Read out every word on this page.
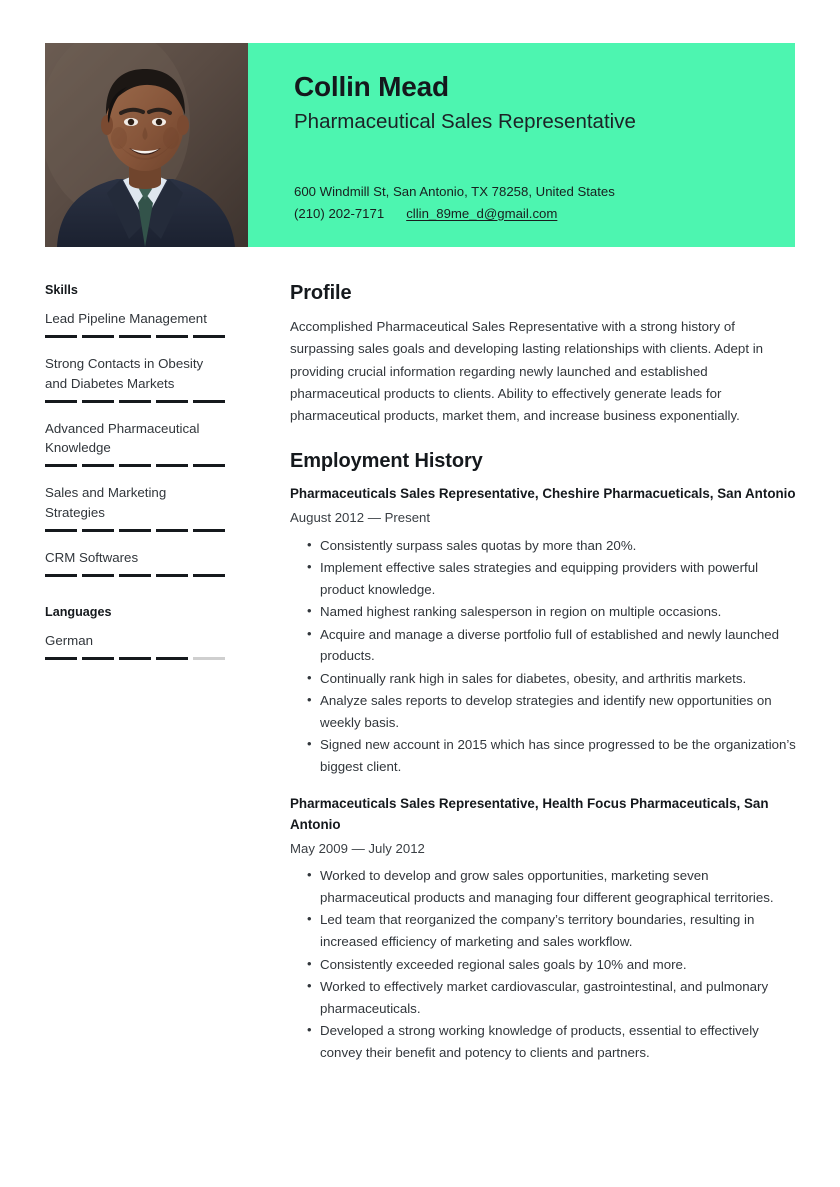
Collin Mead
Pharmaceutical Sales Representative
600 Windmill St, San Antonio, TX 78258, United States
(210) 202-7171 cllin_89me_d@gmail.com
Skills
Lead Pipeline Management
Strong Contacts in Obesity and Diabetes Markets
Advanced Pharmaceutical Knowledge
Sales and Marketing Strategies
CRM Softwares
Languages
German
Profile
Accomplished Pharmaceutical Sales Representative with a strong history of surpassing sales goals and developing lasting relationships with clients. Adept in providing crucial information regarding newly launched and established pharmaceutical products to clients. Ability to effectively generate leads for pharmaceutical products, market them, and increase business exponentially.
Employment History
Pharmaceuticals Sales Representative, Cheshire Pharmacueticals, San Antonio
August 2012 — Present
• Consistently surpass sales quotas by more than 20%.
• Implement effective sales strategies and equipping providers with powerful product knowledge.
• Named highest ranking salesperson in region on multiple occasions.
• Acquire and manage a diverse portfolio full of established and newly launched products.
• Continually rank high in sales for diabetes, obesity, and arthritis markets.
• Analyze sales reports to develop strategies and identify new opportunities on weekly basis.
• Signed new account in 2015 which has since progressed to be the organization’s biggest client.
Pharmaceuticals Sales Representative, Health Focus Pharmaceuticals, San Antonio
May 2009 — July 2012
• Worked to develop and grow sales opportunities, marketing seven pharmaceutical products and managing four different geographical territories.
• Led team that reorganized the company’s territory boundaries, resulting in increased efficiency of marketing and sales workflow.
• Consistently exceeded regional sales goals by 10% and more.
• Worked to effectively market cardiovascular, gastrointestinal, and pulmonary pharmaceuticals.
• Developed a strong working knowledge of products, essential to effectively convey their benefit and potency to clients and partners.
